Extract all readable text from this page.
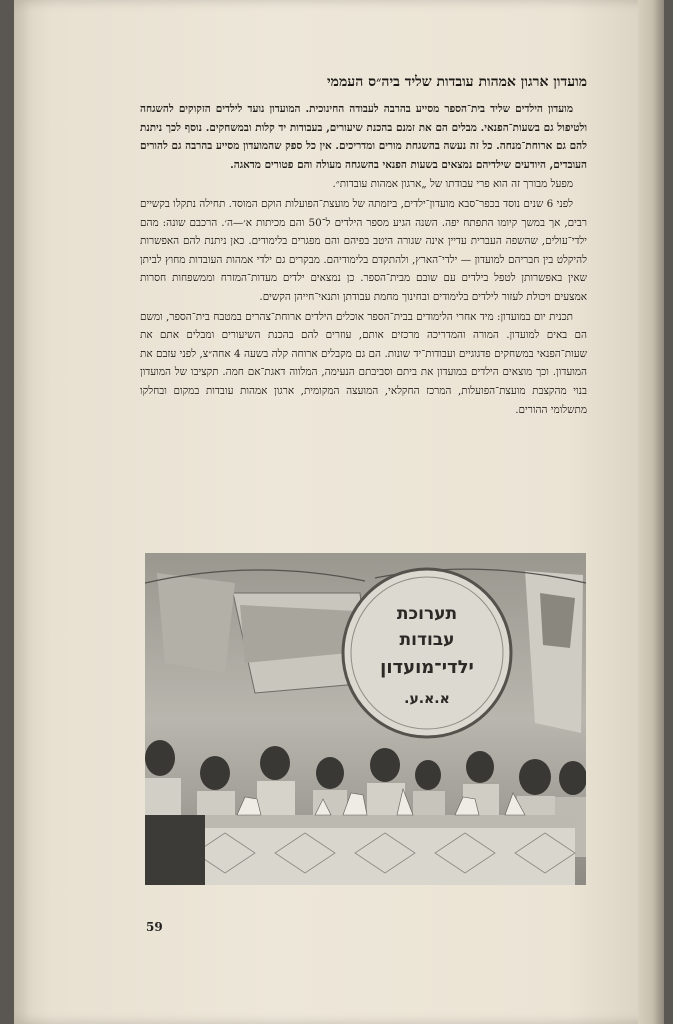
מועדון ארגון אמהות עובדות שליד ביה״ס העממי

מועדון הילדים שליד בית־הספר מסייע בהרבה לעבודה החינוכית. המועדון נועד לילדים הזקוקים להשגחה ולטיפול גם בשעות־הפנאי. מבלים הם את זמנם בהכנת שיעורים, בעבודות יד קלות ובמשחקים. נוסף לכך ניתנת להם גם ארוחת־מנחה. כל זה נעשה בהשגחת מורים ומדריכים. אין כל ספק שהמועדון מסייע בהרבה גם להורים העובדים, היודעים שילדיהם נמצאים בשעות הפנאי בהשגחה מעולה והם פטורים מדאגה.

מפעל מבורך זה הוא פרי עבודתו של „ארגון אמהות עובדות״.

לפני 6 שנים נוסד בכפר־סבא מועדון־ילדים, ביזמתה של מועצת־הפועלות הוקם המוסד. תחילה נתקלו בקשיים רבים, אך במשך קיומו התפתח יפה. השנה הגיע מספר הילדים ל־50 והם מכיתות א׳—ה׳. הרכבם שונה: מהם ילדי־עולים, שהשפה העברית עדיין אינה שגורה היטב בפיהם והם מפגרים בלימודים. כאן ניתנת להם האפשרות להיקלט בין חבריהם למועדון — ילדי־הארץ, ולהתקדם בלימודיהם. מבקרים גם ילדי אמהות העובדות מחוץ לביתן שאין באפשרותן לטפל בילדים עם שובם מבית־הספר. כן נמצאים ילדים מעדות־המזרח וממשפחות חסרות אמצעים ויכולת לעזור לילדים בלימודים ובחינוך מחמת עבודתן ותנאי־חייהן הקשים.

תכנית יום במועדון: מיד אחרי הלימודים בבית־הספר אוכלים הילדים ארוחת־צהרים במטבח בית־הספר, ומשם הם באים למועדון. המורה והמדריכה מרכזים אותם, עוזרים להם בהכנת השיעורים ומבלים אתם את שעות־הפנאי במשחקים פדגוגיים ועבודות־יד שונות. הם גם מקבלים ארוחה קלה בשעה 4 אחה״צ, לפני עזבם את המועדון. וכך מוצאים הילדים במועדון את ביתם וסביבתם הנעימה, המלווה דאגת־אם חמה. תקציבו של המועדון בנוי מהקצבת מועצת־הפועלות, המרכז החקלאי, המועצה המקומית, ארגון אמהות עובדות במקום ובחלקו מתשלומי ההורים.

תערוכת
עבודות
ילדי־מועדון
א.א.ע.
59
